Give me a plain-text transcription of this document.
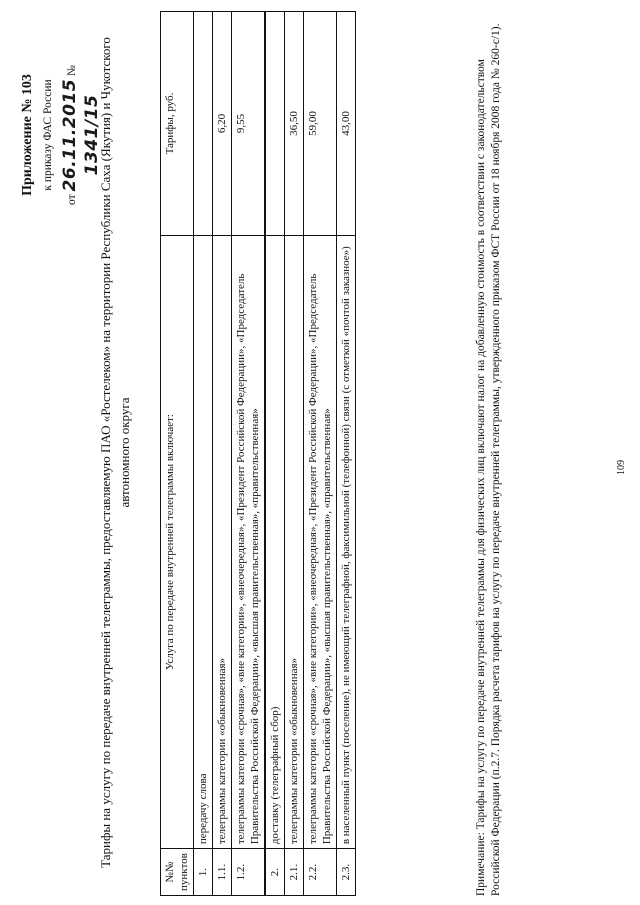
Приложение № 103 к приказу ФАС России
от 26.11.2015 № 1341/15
Тарифы на услугу по передаче внутренней телеграммы, предоставляемую ПАО «Ростелеком» на территории Республики Саха (Якутия) и Чукотского автономного округа
№№ пунктов	Услуга по передаче внутренней телеграммы включает:	Тарифы, руб.
1.	передачу слова	
1.1.	телеграммы категории «обыкновенная»	6,20
1.2.	телеграммы категории «срочная», «вне категории», «внеочередная», «Президент Российской Федерации», «Председатель Правительства Российской Федерации», «высшая правительственная», «правительственная»	9,55
2.	доставку (телеграфный сбор)	
2.1.	телеграммы категории «обыкновенная»	36,50
2.2.	телеграммы категории «срочная», «вне категории», «внеочередная», «Президент Российской Федерации», «Председатель Правительства Российской Федерации», «высшая правительственная», «правительственная»	59,00
2.3.	в населенный пункт (поселение), не имеющий телеграфной, факсимильной (телефонной) связи (с отметкой «почтой заказное»)	43,00	Примечание: Тарифы на услугу по передаче внутренней телеграммы для физических лиц включают налог на добавленную стоимость в соответствии с законодательством Российской Федерации (п.2.7. Порядка расчета тарифов на услугу по передаче внутренней телеграммы, утвержденного приказом ФСТ России от 18 ноября 2008 года № 260-с/1).	109
